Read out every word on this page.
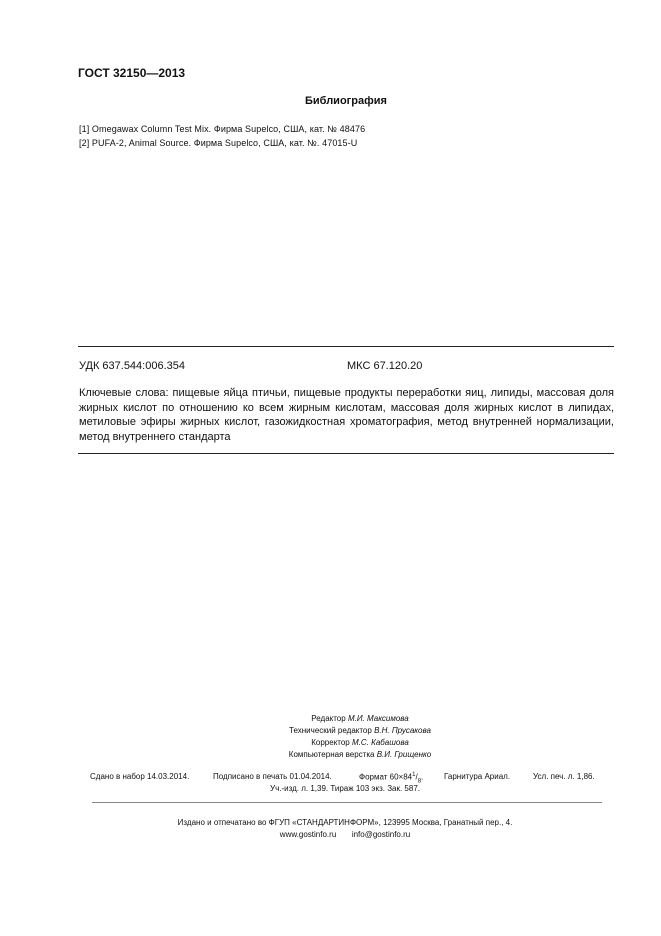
ГОСТ 32150—2013
Библиография
[1] Omegawax Column Test Mix. Фирма Supelco, США, кат. № 48476
[2] PUFA-2, Animal Source. Фирма Supelco, США, кат. №. 47015-U
УДК 637.544:006.354	МКС 67.120.20
Ключевые слова: пищевые яйца птичьи, пищевые продукты переработки яиц, липиды, массовая доля жирных кислот по отношению ко всем жирным кислотам, массовая доля жирных кислот в липидах, метиловые эфиры жирных кислот, газожидкостная хроматография, метод внутренней нормализации, метод внутреннего стандарта
Редактор М.И. Максимова
Технический редактор В.Н. Прусакова
Корректор М.С. Кабашова
Компьютерная верстка В.И. Грищенко
Сдано в набор 14.03.2014.	Подписано в печать 01.04.2014.	Формат $60\times 84^1/_8$.	Гарнитура Ариал.	Усл. печ. л. 1,86.
Уч.-изд. л. 1,39. Тираж 103 экз. Зак. 587.
Издано и отпечатано во ФГУП «СТАНДАРТИНФОРМ», 123995 Москва, Гранатный пер., 4.
www.gostinfo.ru info@gostinfo.ru
